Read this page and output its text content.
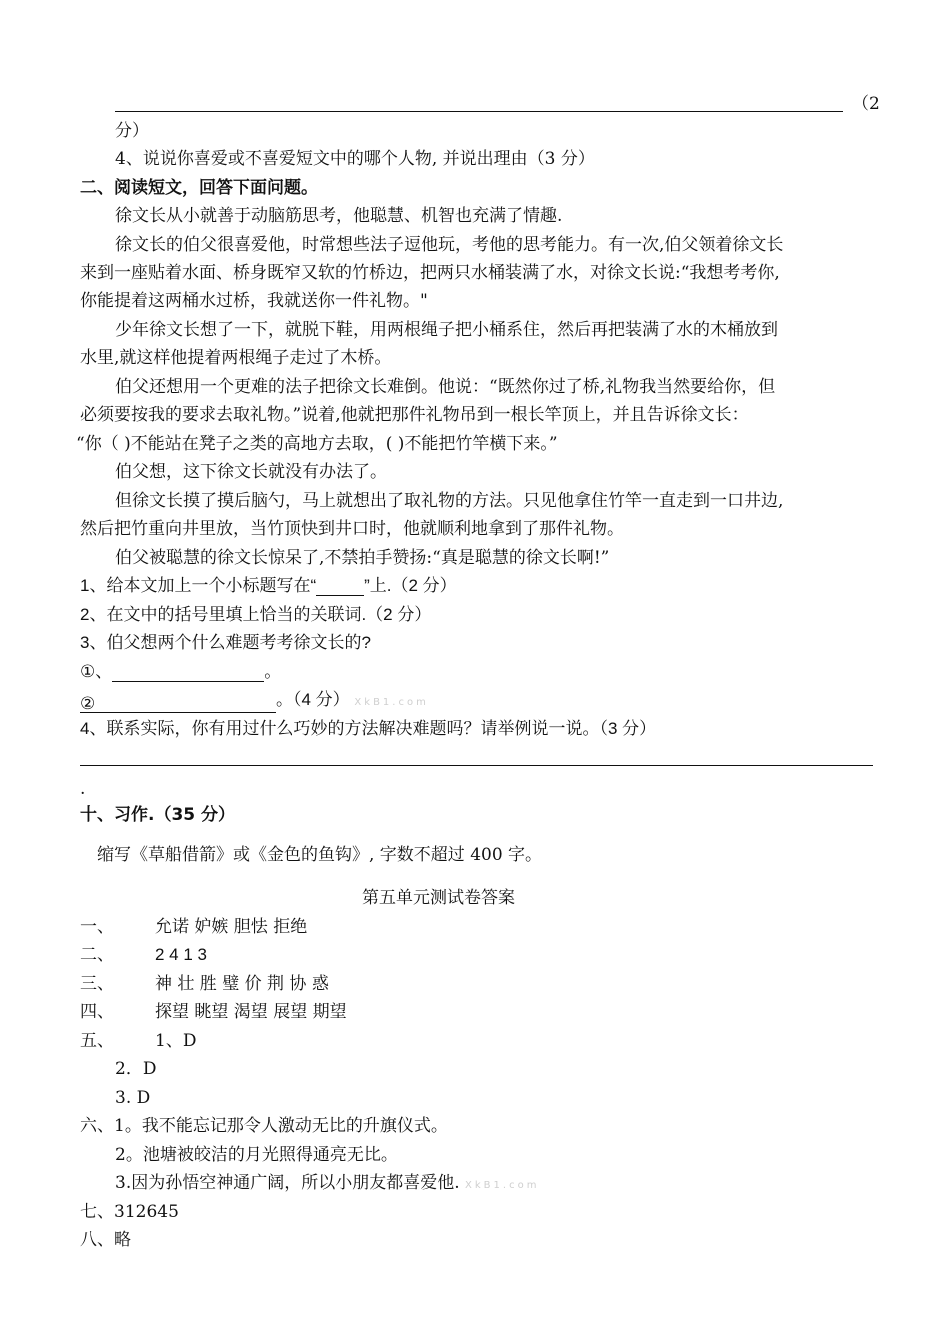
（2
分）
4、说说你喜爱或不喜爱短文中的哪个人物, 并说出理由（3 分）
二、阅读短文，回答下面问题。
徐文长从小就善于动脑筋思考，他聪慧、机智也充满了情趣.
徐文长的伯父很喜爱他，时常想些法子逗他玩，考他的思考能力。有一次,伯父领着徐文长
来到一座贴着水面、桥身既窄又软的竹桥边，把两只水桶装满了水，对徐文长说:“我想考考你,
你能提着这两桶水过桥，我就送你一件礼物。"
少年徐文长想了一下，就脱下鞋，用两根绳子把小桶系住，然后再把装满了水的木桶放到
水里,就这样他提着两根绳子走过了木桥。
伯父还想用一个更难的法子把徐文长难倒。他说：“既然你过了桥,礼物我当然要给你，但
必须要按我的要求去取礼物。”说着,他就把那件礼物吊到一根长竿顶上，并且告诉徐文长：
“你（ )不能站在凳子之类的高地方去取，( )不能把竹竿横下来。”
伯父想，这下徐文长就没有办法了。
但徐文长摸了摸后脑勺，马上就想出了取礼物的方法。只见他拿住竹竿一直走到一口井边,
然后把竹重向井里放，当竹顶快到井口时，他就顺利地拿到了那件礼物。
伯父被聪慧的徐文长惊呆了,不禁拍手赞扬:“真是聪慧的徐文长啊!”
1、给本文加上一个小标题写在“	”上.（2 分）
2、在文中的括号里填上恰当的关联词.（2 分）
3、伯父想两个什么难题考考徐文长的?
①、	。
②	。（4 分） XkB1.com
4、联系实际，你有用过什么巧妙的方法解决难题吗？请举例说一说。（3 分）
.
十、习作.（35 分）
缩写《草船借箭》或《金色的鱼钩》, 字数不超过 400 字。
第五单元测试卷答案
一、 允诺 妒嫉 胆怯 拒绝
二、 2 4 1 3
三、 神 壮 胜 璧 价 荆 协 惑
四、 探望 眺望 渴望 展望 期望
五、 1、D
2．D
3. D
六、1。我不能忘记那令人激动无比的升旗仪式。
2。池塘被皎洁的月光照得通亮无比。
3.因为孙悟空神通广阔，所以小朋友都喜爱他. XkB1.com
七、312645
八、略
